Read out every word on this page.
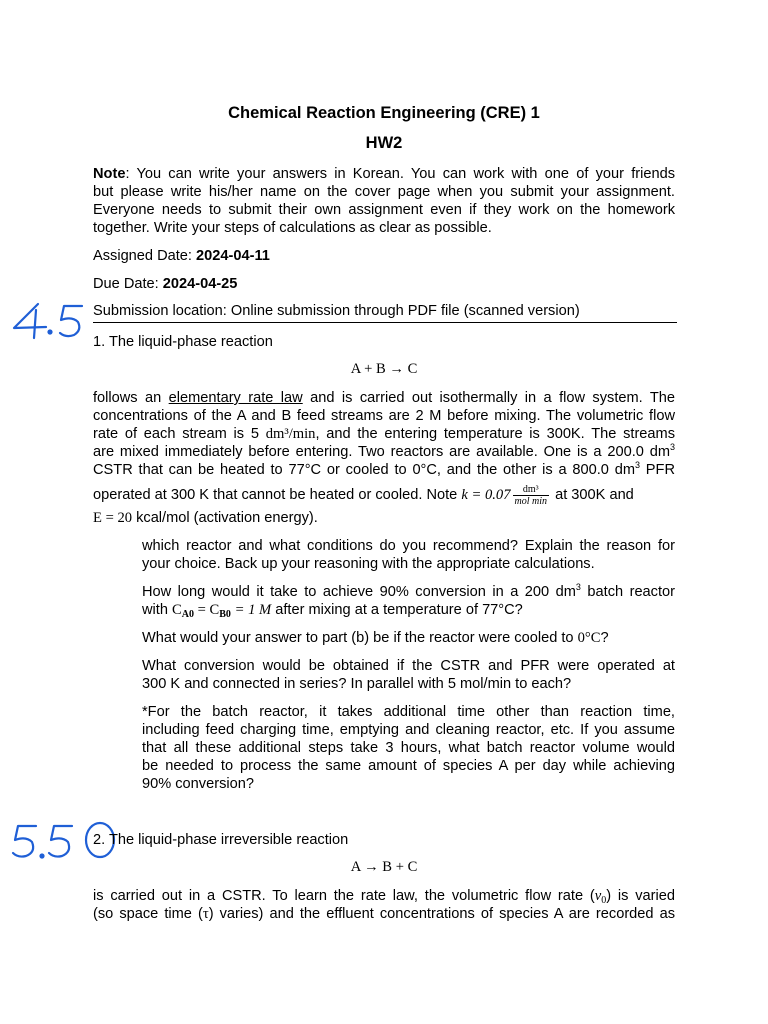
Chemical Reaction Engineering (CRE) 1
HW2
Note: You can write your answers in Korean. You can work with one of your friends
but please write his/her name on the cover page when you submit your assignment.
Everyone needs to submit their own assignment even if they work on the homework
together. Write your steps of calculations as clear as possible.
Assigned Date: 2024-04-11
Due Date: 2024-04-25
Submission location: Online submission through PDF file (scanned version)
4.5
1. The liquid-phase reaction
A + B → C
follows an elementary rate law and is carried out isothermally in a flow system. The
concentrations of the A and B feed streams are 2 M before mixing. The volumetric flow
rate of each stream is 5 dm³/min, and the entering temperature is 300K. The streams
are mixed immediately before entering. Two reactors are available. One is a 200.0 $dm^3$
CSTR that can be heated to 77°C or cooled to 0°C, and the other is a 800.0 $dm^3$ PFR
operated at 300 K that cannot be heated or cooled. Note $k = 0.07 \frac{\text{dm³}}{\text{mol min}}$ at 300K and
E = 20 kcal/mol (activation energy).
which reactor and what conditions do you recommend? Explain the reason for
your choice. Back up your reasoning with the appropriate calculations.
How long would it take to achieve 90% conversion in a 200 $dm^3$ batch reactor
with $C_{A0} = C_{B0} = 1$ M after mixing at a temperature of 77°C?
What would your answer to part (b) be if the reactor were cooled to 0°C?
What conversion would be obtained if the CSTR and PFR were operated at
300 K and connected in series? In parallel with 5 mol/min to each?
*For the batch reactor, it takes additional time other than reaction time,
including feed charging time, emptying and cleaning reactor, etc. If you assume
that all these additional steps take 3 hours, what batch reactor volume would
be needed to process the same amount of species A per day while achieving
90% conversion?
5.50
2. The liquid-phase irreversible reaction
A → B + C
is carried out in a CSTR. To learn the rate law, the volumetric flow rate $(v_0)$ is varied
(so space time (τ) varies) and the effluent concentrations of species A are recorded as
